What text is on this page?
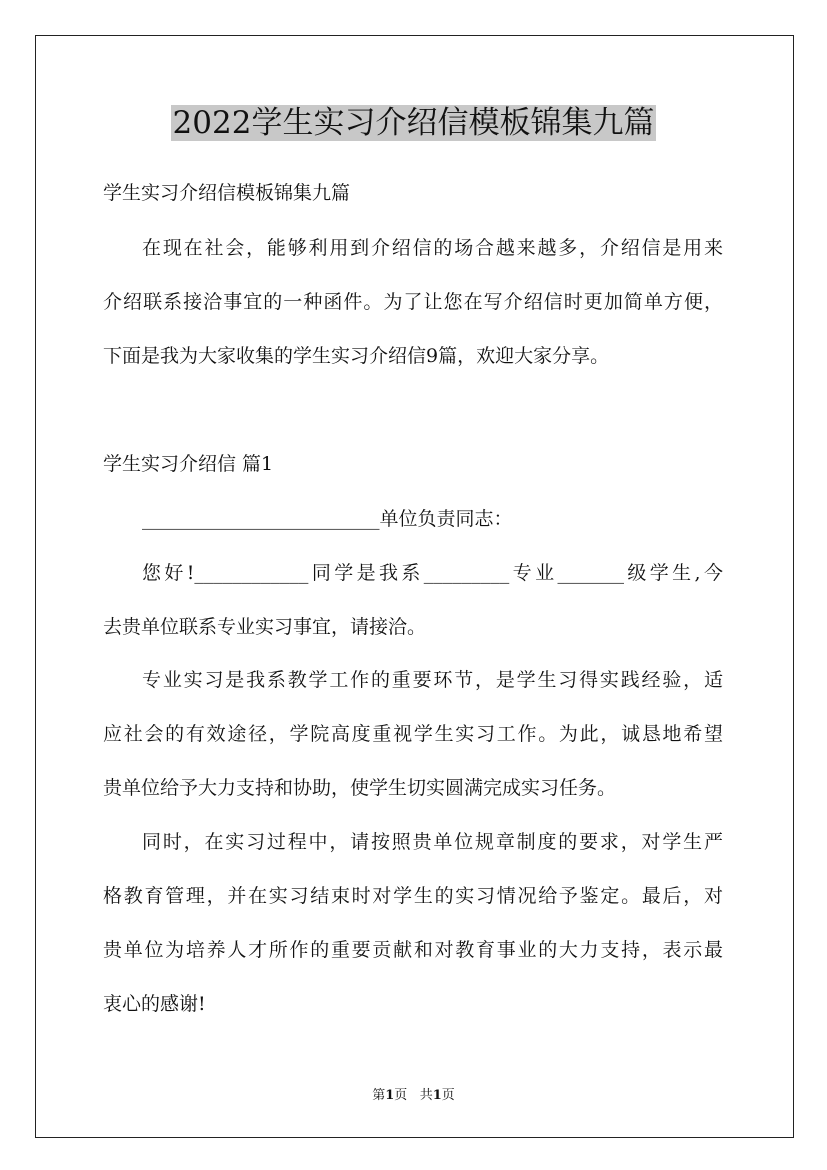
2022学生实习介绍信模板锦集九篇
学生实习介绍信模板锦集九篇
在现在社会，能够利用到介绍信的场合越来越多，介绍信是用来
介绍联系接洽事宜的一种函件。为了让您在写介绍信时更加简单方便，
下面是我为大家收集的学生实习介绍信9篇，欢迎大家分享。
学生实习介绍信 篇1
_________________________单位负责同志：
您好!____________同学是我系_________专业_______级学生,今
去贵单位联系专业实习事宜，请接洽。
专业实习是我系教学工作的重要环节，是学生习得实践经验，适
应社会的有效途径，学院高度重视学生实习工作。为此，诚恳地希望
贵单位给予大力支持和协助，使学生切实圆满完成实习任务。
同时，在实习过程中，请按照贵单位规章制度的要求，对学生严
格教育管理，并在实习结束时对学生的实习情况给予鉴定。最后，对
贵单位为培养人才所作的重要贡献和对教育事业的大力支持，表示最
衷心的感谢!
第1页 共1页
